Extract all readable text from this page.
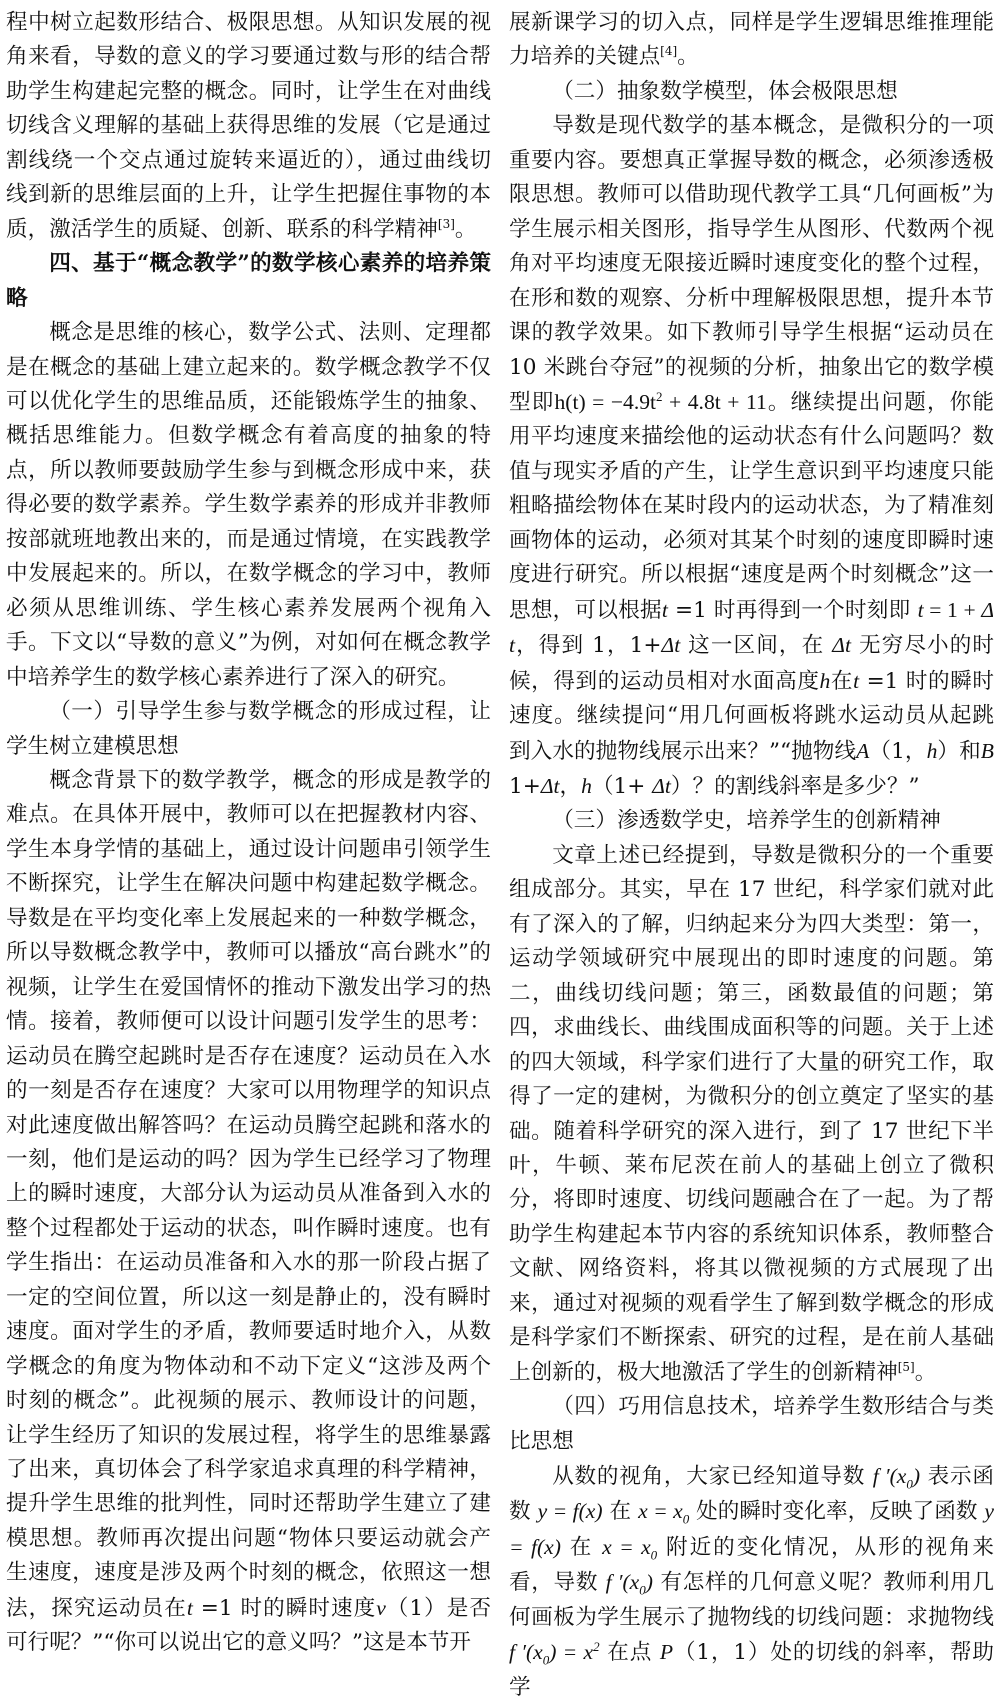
程中树立起数形结合、极限思想。从知识发展的视角来看，导数的意义的学习要通过数与形的结合帮助学生构建起完整的概念。同时，让学生在对曲线切线含义理解的基础上获得思维的发展（它是通过割线绕一个交点通过旋转来逼近的），通过曲线切线到新的思维层面的上升，让学生把握住事物的本质，激活学生的质疑、创新、联系的科学精神[3]。

四、基于“概念教学”的数学核心素养的培养策略

概念是思维的核心，数学公式、法则、定理都是在概念的基础上建立起来的。数学概念教学不仅可以优化学生的思维品质，还能锻炼学生的抽象、概括思维能力。但数学概念有着高度的抽象的特点，所以教师要鼓励学生参与到概念形成中来，获得必要的数学素养。学生数学素养的形成并非教师按部就班地教出来的，而是通过情境，在实践教学中发展起来的。所以，在数学概念的学习中，教师必须从思维训练、学生核心素养发展两个视角入手。下文以“导数的意义”为例，对如何在概念教学中培养学生的数学核心素养进行了深入的研究。

（一）引导学生参与数学概念的形成过程，让学生树立建模思想

概念背景下的数学教学，概念的形成是教学的难点。在具体开展中，教师可以在把握教材内容、学生本身学情的基础上，通过设计问题串引领学生不断探究，让学生在解决问题中构建起数学概念。导数是在平均变化率上发展起来的一种数学概念，所以导数概念教学中，教师可以播放“高台跳水”的视频，让学生在爱国情怀的推动下激发出学习的热情。接着，教师便可以设计问题引发学生的思考：运动员在腾空起跳时是否存在速度？运动员在入水的一刻是否存在速度？大家可以用物理学的知识点对此速度做出解答吗？在运动员腾空起跳和落水的一刻，他们是运动的吗？因为学生已经学习了物理上的瞬时速度，大部分认为运动员从准备到入水的整个过程都处于运动的状态，叫作瞬时速度。也有学生指出：在运动员准备和入水的那一阶段占据了一定的空间位置，所以这一刻是静止的，没有瞬时速度。面对学生的矛盾，教师要适时地介入，从数学概念的角度为物体动和不动下定义“这涉及两个时刻的概念”。此视频的展示、教师设计的问题，让学生经历了知识的发展过程，将学生的思维暴露了出来，真切体会了科学家追求真理的科学精神，提升学生思维的批判性，同时还帮助学生建立了建模思想。教师再次提出问题“物体只要运动就会产生速度，速度是涉及两个时刻的概念，依照这一想法，探究运动员在t =1 时的瞬时速度v（1）是否可行呢？”“你可以说出它的意义吗？”这是本节开

展新课学习的切入点，同样是学生逻辑思维推理能力培养的关键点[4]。

（二）抽象数学模型，体会极限思想

导数是现代数学的基本概念，是微积分的一项重要内容。要想真正掌握导数的概念，必须渗透极限思想。教师可以借助现代教学工具“几何画板”为学生展示相关图形，指导学生从图形、代数两个视角对平均速度无限接近瞬时速度变化的整个过程，在形和数的观察、分析中理解极限思想，提升本节课的教学效果。如下教师引导学生根据“运动员在 10 米跳台夺冠”的视频的分析，抽象出它的数学模型即$h(t) = -4.9t^2 + 4.8t + 11$。继续提出问题，你能用平均速度来描绘他的运动状态有什么问题吗？数值与现实矛盾的产生，让学生意识到平均速度只能粗略描绘物体在某时段内的运动状态，为了精准刻画物体的运动，必须对其某个时刻的速度即瞬时速度进行研究。所以根据“速度是两个时刻概念”这一思想，可以根据t =1 时再得到一个时刻即 t = 1 + Δt，得到 1，1+Δt 这一区间，在 Δt 无穷尽小的时候，得到的运动员相对水面高度h在t =1 时的瞬时速度。继续提问“用几何画板将跳水运动员从起跳到入水的抛物线展示出来？”“抛物线A（1，h）和B1+Δt，h（1+ Δt）？的割线斜率是多少？”

（三）渗透数学史，培养学生的创新精神

文章上述已经提到，导数是微积分的一个重要组成部分。其实，早在 17 世纪，科学家们就对此有了深入的了解，归纳起来分为四大类型：第一，运动学领域研究中展现出的即时速度的问题。第二，曲线切线问题；第三，函数最值的问题；第四，求曲线长、曲线围成面积等的问题。关于上述的四大领域，科学家们进行了大量的研究工作，取得了一定的建树，为微积分的创立奠定了坚实的基础。随着科学研究的深入进行，到了 17 世纪下半叶，牛顿、莱布尼茨在前人的基础上创立了微积分，将即时速度、切线问题融合在了一起。为了帮助学生构建起本节内容的系统知识体系，教师整合文献、网络资料，将其以微视频的方式展现了出来，通过对视频的观看学生了解到数学概念的形成是科学家们不断探索、研究的过程，是在前人基础上创新的，极大地激活了学生的创新精神[5]。

（四）巧用信息技术，培养学生数形结合与类比思想

从数的视角，大家已经知道导数 f $'(x_0)$ 表示函数 y = f(x) 在 $x = x_0$ 处的瞬时变化率，反映了函数 y = f(x) 在 $x = x_0$ 附近的变化情况，从形的视角来看，导数 f $'(x_0)$ 有怎样的几何意义呢？教师利用几何画板为学生展示了抛物线的切线问题：求抛物线 f $'(x_0) = x^2$ 在点 P（1，1）处的切线的斜率，帮助学
